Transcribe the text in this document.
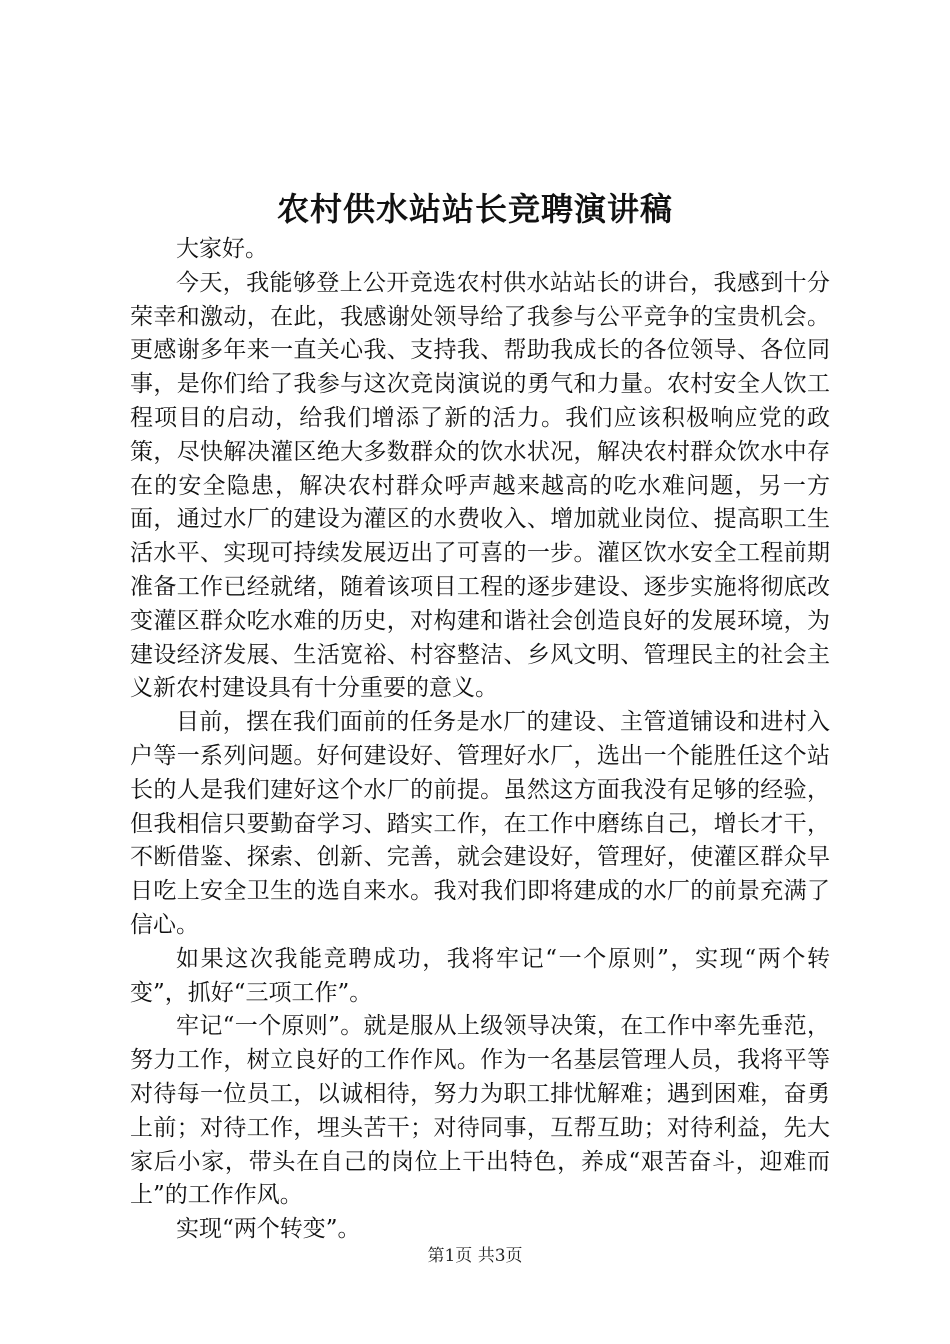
农村供水站站长竞聘演讲稿

大家好。

今天，我能够登上公开竞选农村供水站站长的讲台，我感到十分荣幸和激动，在此，我感谢处领导给了我参与公平竞争的宝贵机会。更感谢多年来一直关心我、支持我、帮助我成长的各位领导、各位同事，是你们给了我参与这次竞岗演说的勇气和力量。农村安全人饮工程项目的启动，给我们增添了新的活力。我们应该积极响应党的政策，尽快解决灌区绝大多数群众的饮水状况，解决农村群众饮水中存在的安全隐患，解决农村群众呼声越来越高的吃水难问题，另一方面，通过水厂的建设为灌区的水费收入、增加就业岗位、提高职工生活水平、实现可持续发展迈出了可喜的一步。灌区饮水安全工程前期准备工作已经就绪，随着该项目工程的逐步建设、逐步实施将彻底改变灌区群众吃水难的历史，对构建和谐社会创造良好的发展环境，为建设经济发展、生活宽裕、村容整洁、乡风文明、管理民主的社会主义新农村建设具有十分重要的意义。

目前，摆在我们面前的任务是水厂的建设、主管道铺设和进村入户等一系列问题。好何建设好、管理好水厂，选出一个能胜任这个站长的人是我们建好这个水厂的前提。虽然这方面我没有足够的经验，但我相信只要勤奋学习、踏实工作，在工作中磨练自己，增长才干，不断借鉴、探索、创新、完善，就会建设好，管理好，使灌区群众早日吃上安全卫生的选自来水。我对我们即将建成的水厂的前景充满了信心。

如果这次我能竞聘成功，我将牢记“一个原则”，实现“两个转变”，抓好“三项工作”。

牢记“一个原则”。就是服从上级领导决策，在工作中率先垂范，努力工作，树立良好的工作作风。作为一名基层管理人员，我将平等对待每一位员工，以诚相待，努力为职工排忧解难；遇到困难，奋勇上前；对待工作，埋头苦干；对待同事，互帮互助；对待利益，先大家后小家，带头在自己的岗位上干出特色，养成“艰苦奋斗，迎难而上”的工作作风。

实现“两个转变”。

第1页 共3页
